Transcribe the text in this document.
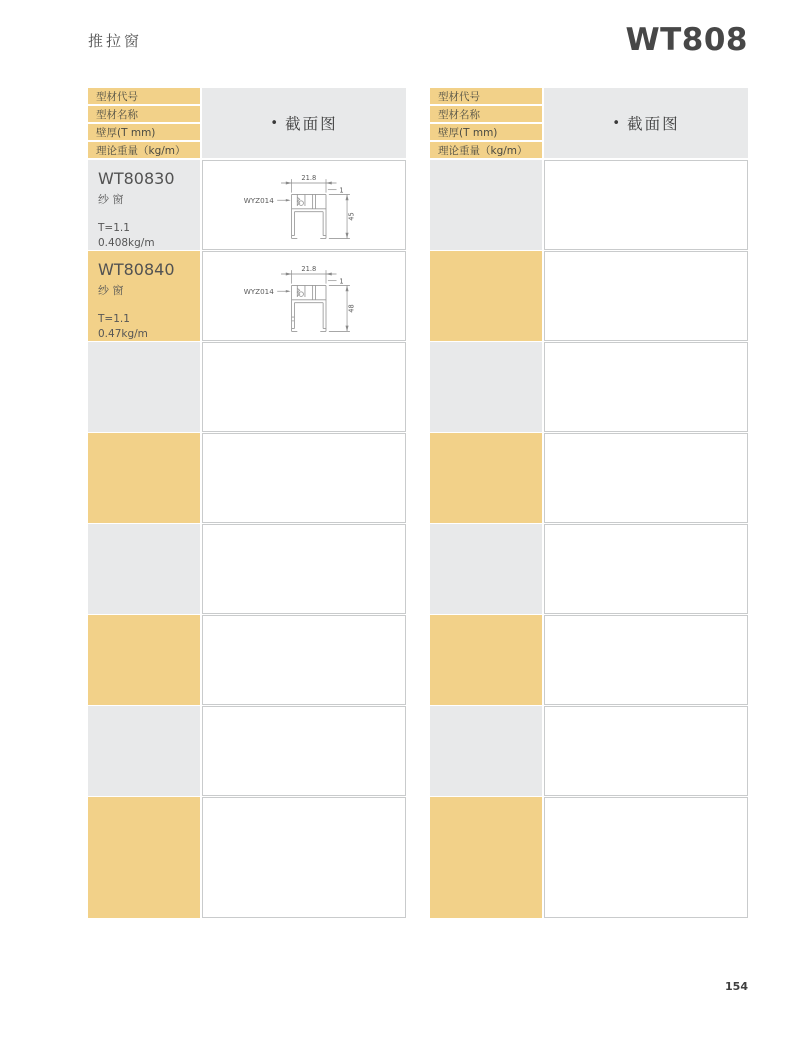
推拉窗	WT808
型材代号
型材名称
壁厚(T mm)
理论重量（kg/m）
• 截面图
WT80830
纱 窗
T=1.1
0.408kg/m
21.8
1
45
WYZ014
WT80840
纱 窗
T=1.1
0.47kg/m
21.8
1
48
WYZ014
型材代号
型材名称
壁厚(T mm)
理论重量（kg/m）
• 截面图
154
